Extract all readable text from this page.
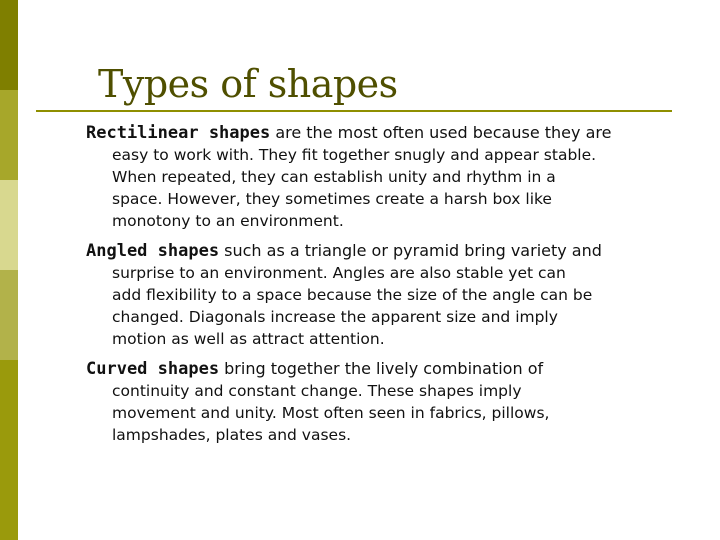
Types of shapes

Rectilinear shapes are the most often used because they are
easy to work with. They fit together snugly and appear stable.
When repeated, they can establish unity and rhythm in a
space. However, they sometimes create a harsh box like
monotony to an environment.

Angled shapes such as a triangle or pyramid bring variety and
surprise to an environment. Angles are also stable yet can
add flexibility to a space because the size of the angle can be
changed. Diagonals increase the apparent size and imply
motion as well as attract attention.

Curved shapes bring together the lively combination of
continuity and constant change. These shapes imply
movement and unity. Most often seen in fabrics, pillows,
lampshades, plates and vases.
